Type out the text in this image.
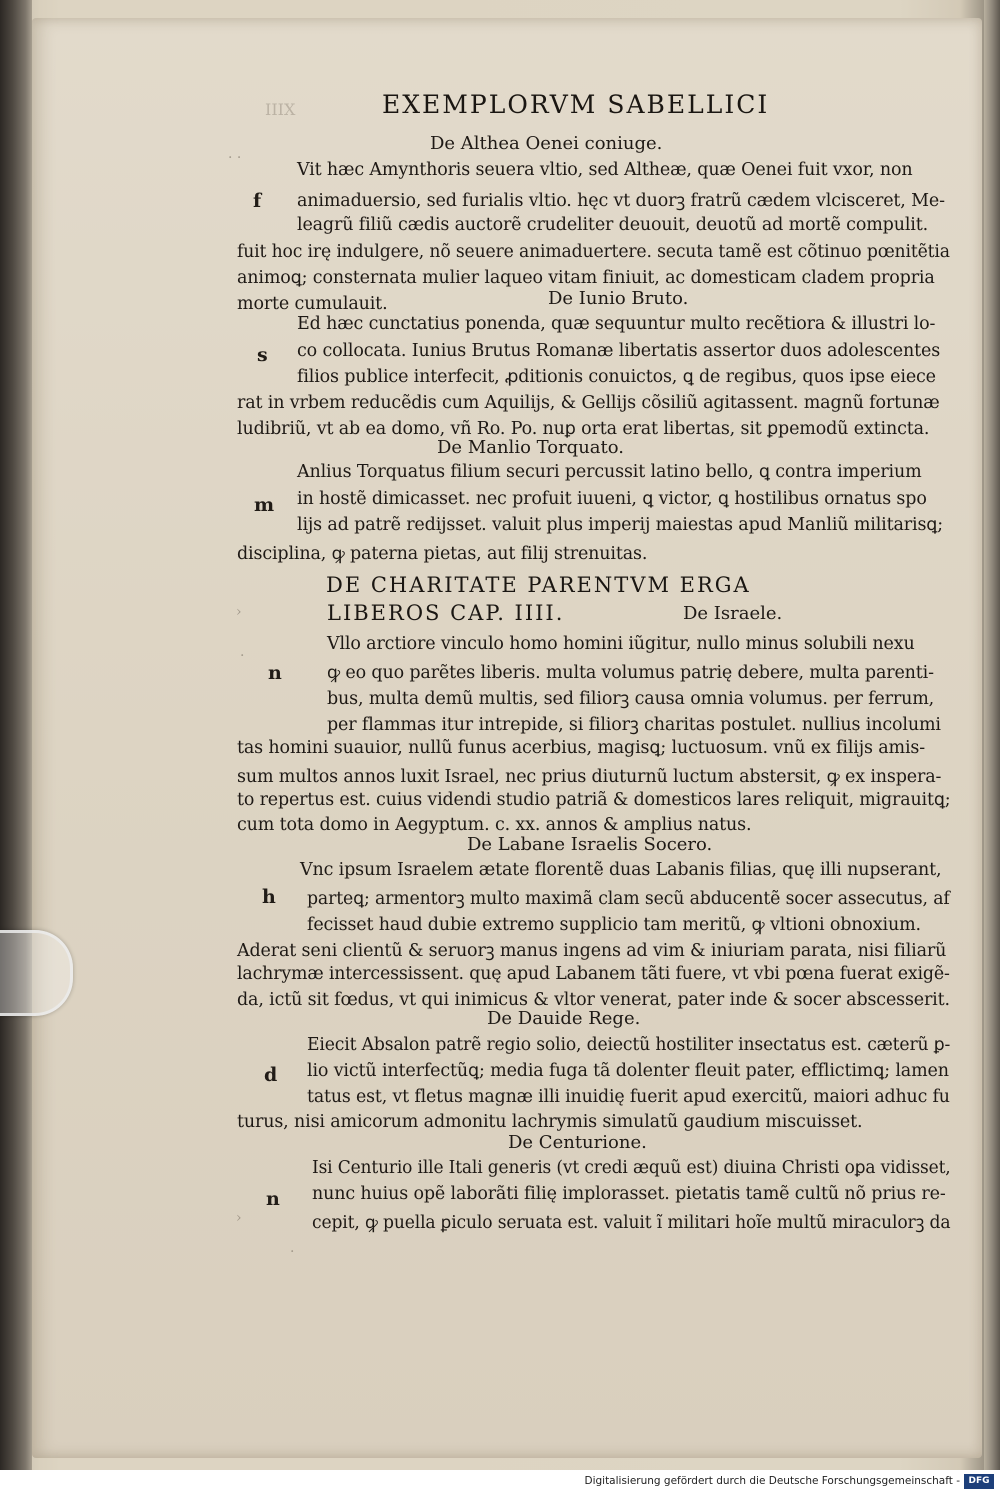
IIIX
· ·
›
·
›
·
EXEMPLORVM SABELLICI
De Althea Oenei coniuge.
f
Vit hæc Amynthoris seuera vltio, sed Altheæ, quæ Oenei fuit vxor, non
animaduersio, sed furialis vltio. hęc vt duorꝫ fratrũ cædem vlcisceret, Me-
leagrũ filiũ cædis auctorẽ crudeliter deuouit, deuotũ ad mortẽ compulit.
fuit hoc irę indulgere, nõ seuere animaduertere. secuta tamẽ est cõtinuo pœnitẽtia
animoꝗ; consternata mulier laqueo vitam finiuit, ac domesticam cladem propria
morte cumulauit.	De Iunio Bruto.
s
Ed hæc cunctatius ponenda, quæ sequuntur multo recẽtiora & illustri lo-
co collocata. Iunius Brutus Romanæ libertatis assertor duos adolescentes
filios publice interfecit, ꝓditionis conuictos, ꝗ de regibus, quos ipse eiece
rat in vrbem reducẽdis cum Aquilijs, & Gellijs cõsiliũ agitassent. magnũ fortunæ
ludibriũ, vt ab ea domo, vñ Ro. Po. nuꝑ orta erat libertas, sit ꝑpemodũ extincta.
De Manlio Torquato.
m
Anlius Torquatus filium securi percussit latino bello, ꝗ contra imperium
in hostẽ dimicasset. nec profuit iuueni, ꝗ victor, ꝗ hostilibus ornatus spo
lijs ad patrẽ redijsset. valuit plus imperij maiestas apud Manliũ militarisꝗ;
disciplina, ꝙ paterna pietas, aut filij strenuitas.
DE CHARITATE PARENTVM ERGA
LIBEROS CAP. IIII.	De Israele.
n
Vllo arctiore vinculo homo homini iũgitur, nullo minus solubili nexu
ꝙ eo quo parẽtes liberis. multa volumus patrię debere, multa parenti-
bus, multa demũ multis, sed filiorꝫ causa omnia volumus. per ferrum,
per flammas itur intrepide, si filiorꝫ charitas postulet. nullius incolumi
tas homini suauior, nullũ funus acerbius, magisꝗ; luctuosum. vnũ ex filijs amis-
sum multos annos luxit Israel, nec prius diuturnũ luctum abstersit, ꝙ ex inspera-
to repertus est. cuius videndi studio patriã & domesticos lares reliquit, migrauitꝗ;
cum tota domo in Aegyptum. c. xx. annos & amplius natus.
De Labane Israelis Socero.
h
Vnc ipsum Israelem ætate florentẽ duas Labanis filias, quę illi nupserant,
parteꝗ; armentorꝫ multo maximã clam secũ abducentẽ socer assecutus, af
fecisset haud dubie extremo supplicio tam meritũ, ꝙ vltioni obnoxium.
Aderat seni clientũ & seruorꝫ manus ingens ad vim & iniuriam parata, nisi filiarũ
lachrymæ intercessissent. quę apud Labanem tãti fuere, vt vbi pœna fuerat exigẽ-
da, ictũ sit fœdus, vt qui inimicus & vltor venerat, pater inde & socer abscesserit.
De Dauide Rege.
d
Eiecit Absalon patrẽ regio solio, deiectũ hostiliter insectatus est. cæterũ ꝑ-
lio victũ interfectũꝗ; media fuga tã dolenter fleuit pater, efflictimꝗ; lamen
tatus est, vt fletus magnæ illi inuidię fuerit apud exercitũ, maiori adhuc fu
turus, nisi amicorum admonitu lachrymis simulatũ gaudium miscuisset.
De Centurione.
n
Isi Centurio ille Itali generis (vt credi æquũ est) diuina Christi oꝑa vidisset,
nunc huius opẽ laborãti filię implorasset. pietatis tamẽ cultũ nõ prius re-
cepit, ꝙ puella ꝑiculo seruata est. valuit ĩ militari hoĩe multũ miraculorꝫ da
Digitalisierung gefördert durch die Deutsche Forschungsgemeinschaft - DFG
